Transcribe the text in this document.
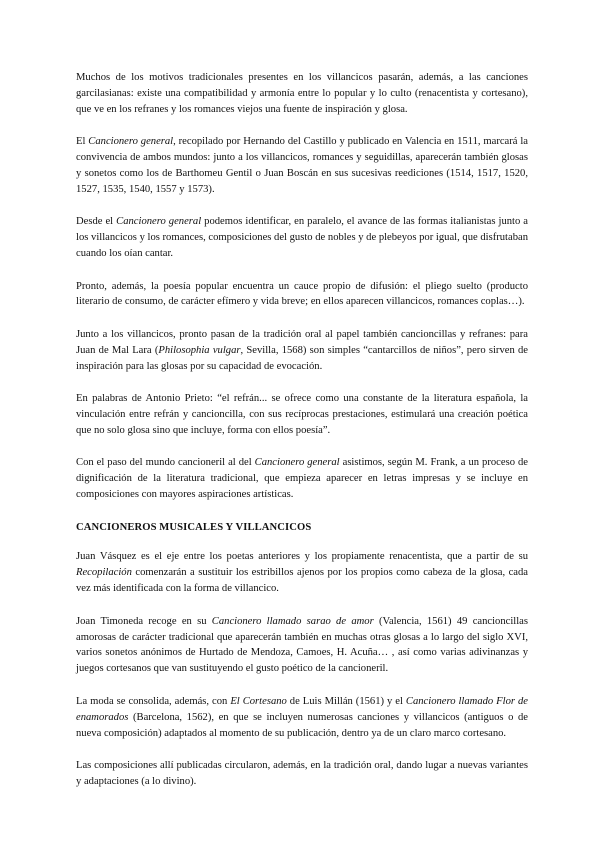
Muchos de los motivos tradicionales presentes en los villancicos pasarán, además, a las canciones garcilasianas: existe una compatibilidad y armonía entre lo popular y lo culto (renacentista y cortesano), que ve en los refranes y los romances viejos una fuente de inspiración y glosa.

El Cancionero general, recopilado por Hernando del Castillo y publicado en Valencia en 1511, marcará la convivencia de ambos mundos: junto a los villancicos, romances y seguidillas, aparecerán también glosas y sonetos como los de Barthomeu Gentil o Juan Boscán en sus sucesivas reediciones (1514, 1517, 1520, 1527, 1535, 1540, 1557 y 1573).

Desde el Cancionero general podemos identificar, en paralelo, el avance de las formas italianistas junto a los villancicos y los romances, composiciones del gusto de nobles y de plebeyos por igual, que disfrutaban cuando los oían cantar.

Pronto, además, la poesía popular encuentra un cauce propio de difusión: el pliego suelto (producto literario de consumo, de carácter efímero y vida breve; en ellos aparecen villancicos, romances coplas…).

Junto a los villancicos, pronto pasan de la tradición oral al papel también cancioncillas y refranes: para Juan de Mal Lara (Philosophia vulgar, Sevilla, 1568) son simples “cantarcillos de niños”, pero sirven de inspiración para las glosas por su capacidad de evocación.

En palabras de Antonio Prieto: “el refrán... se ofrece como una constante de la literatura española, la vinculación entre refrán y cancioncilla, con sus recíprocas prestaciones, estimulará una creación poética que no solo glosa sino que incluye, forma con ellos poesía”.

Con el paso del mundo cancioneril al del Cancionero general asistimos, según M. Frank, a un proceso de dignificación de la literatura tradicional, que empieza aparecer en letras impresas y se incluye en composiciones con mayores aspiraciones artísticas.

CANCIONEROS MUSICALES Y VILLANCICOS

Juan Vásquez es el eje entre los poetas anteriores y los propiamente renacentista, que a partir de su Recopilación comenzarán a sustituir los estribillos ajenos por los propios como cabeza de la glosa, cada vez más identificada con la forma de villancico.

Joan Timoneda recoge en su Cancionero llamado sarao de amor (Valencia, 1561) 49 cancioncillas amorosas de carácter tradicional que aparecerán también en muchas otras glosas a lo largo del siglo XVI, varios sonetos anónimos de Hurtado de Mendoza, Camoes, H. Acuña… , así como varias adivinanzas y juegos cortesanos que van sustituyendo el gusto poético de la cancioneril.

La moda se consolida, además, con El Cortesano de Luis Millán (1561) y el Cancionero llamado Flor de enamorados (Barcelona, 1562), en que se incluyen numerosas canciones y villancicos (antiguos o de nueva composición) adaptados al momento de su publicación, dentro ya de un claro marco cortesano.

Las composiciones allí publicadas circularon, además, en la tradición oral, dando lugar a nuevas variantes y adaptaciones (a lo divino).
